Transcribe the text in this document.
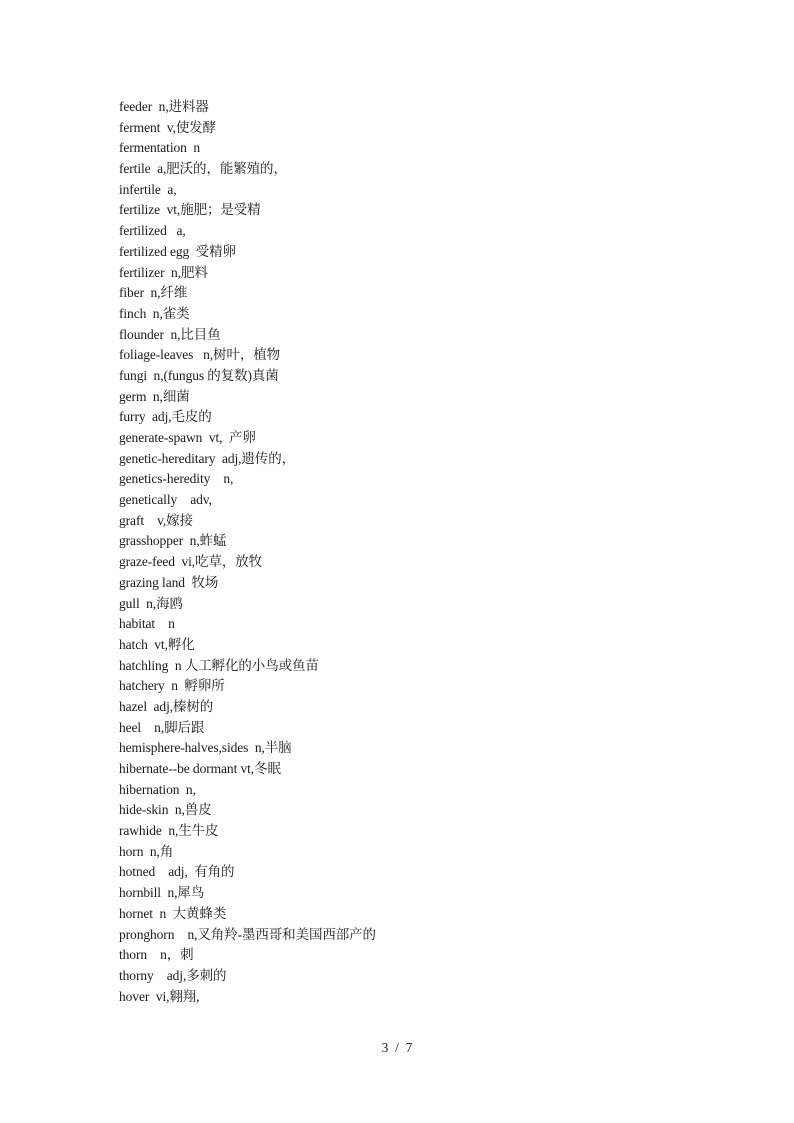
feeder  n,进料器
ferment  v,使发酵
fermentation  n
fertile  a,肥沃的，能繁殖的，
infertile  a,
fertilize  vt,施肥；是受精
fertilized   a,
fertilized egg  受精卵
fertilizer  n,肥料
fiber  n,纤维
finch  n,雀类
flounder  n,比目鱼
foliage-leaves   n,树叶，植物
fungi  n,(fungus 的复数)真菌
germ  n,细菌
furry  adj,毛皮的
generate-spawn  vt,  产卵
genetic-hereditary  adj,遗传的，
genetics-heredity    n,
genetically    adv,
graft    v,嫁接
grasshopper  n,蚱蜢
graze-feed  vi,吃草，放牧
grazing land  牧场
gull  n,海鸥
habitat    n
hatch  vt,孵化
hatchling  n 人工孵化的小鸟或鱼苗
hatchery  n  孵卵所
hazel  adj,榛树的
heel    n,脚后跟
hemisphere-halves,sides  n,半脑
hibernate--be dormant vt,冬眠
hibernation  n,
hide-skin  n,兽皮
rawhide  n,生牛皮
horn  n,角
hotned    adj,  有角的
hornbill  n,犀鸟
hornet  n  大黄蜂类
pronghorn    n,叉角羚-墨西哥和美国西部产的
thorn    n，刺
thorny    adj,多刺的
hover  vi,翱翔,
3  /  7
